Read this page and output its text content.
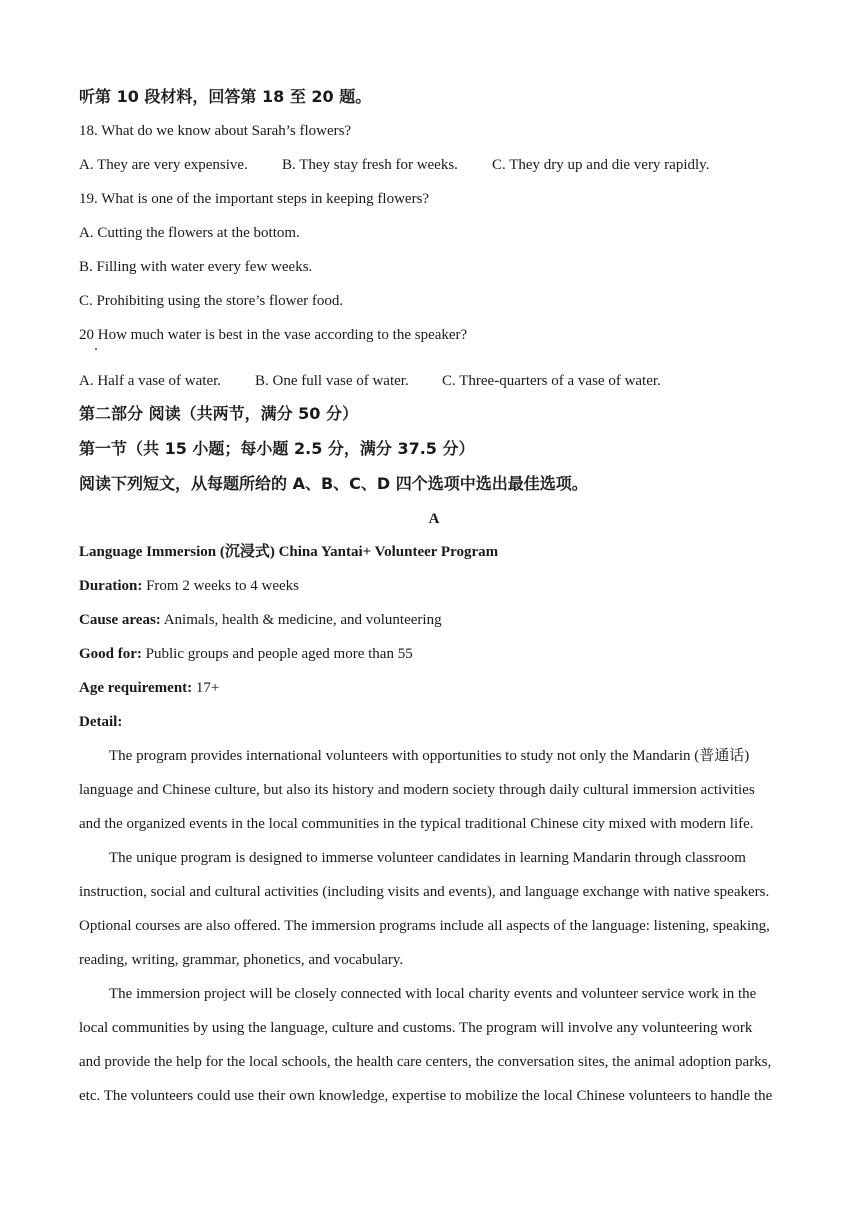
听第 10 段材料，回答第 18 至 20 题。
18. What do we know about Sarah’s flowers?
A. They are very expensive. B. They stay fresh for weeks. C. They dry up and die very rapidly.
19. What is one of the important steps in keeping flowers?
A. Cutting the flowers at the bottom.
B. Filling with water every few weeks.
C. Prohibiting using the store’s flower food.
20 How much water is best in the vase according to the speaker?
A. Half a vase of water. B. One full vase of water. C. Three-quarters of a vase of water.
第二部分 阅读（共两节，满分 50 分）
第一节（共 15 小题；每小题 2.5 分，满分 37.5 分）
阅读下列短文，从每题所给的 A、B、C、D 四个选项中选出最佳选项。
A
Language Immersion (沉浸式) China Yantai+ Volunteer Program
Duration: From 2 weeks to 4 weeks
Cause areas: Animals, health & medicine, and volunteering
Good for: Public groups and people aged more than 55
Age requirement: 17+
Detail:
The program provides international volunteers with opportunities to study not only the Mandarin (普通话)
language and Chinese culture, but also its history and modern society through daily cultural immersion activities
and the organized events in the local communities in the typical traditional Chinese city mixed with modern life.
The unique program is designed to immerse volunteer candidates in learning Mandarin through classroom
instruction, social and cultural activities (including visits and events), and language exchange with native speakers.
Optional courses are also offered. The immersion programs include all aspects of the language: listening, speaking,
reading, writing, grammar, phonetics, and vocabulary.
The immersion project will be closely connected with local charity events and volunteer service work in the
local communities by using the language, culture and customs. The program will involve any volunteering work
and provide the help for the local schools, the health care centers, the conversation sites, the animal adoption parks,
etc. The volunteers could use their own knowledge, expertise to mobilize the local Chinese volunteers to handle the
